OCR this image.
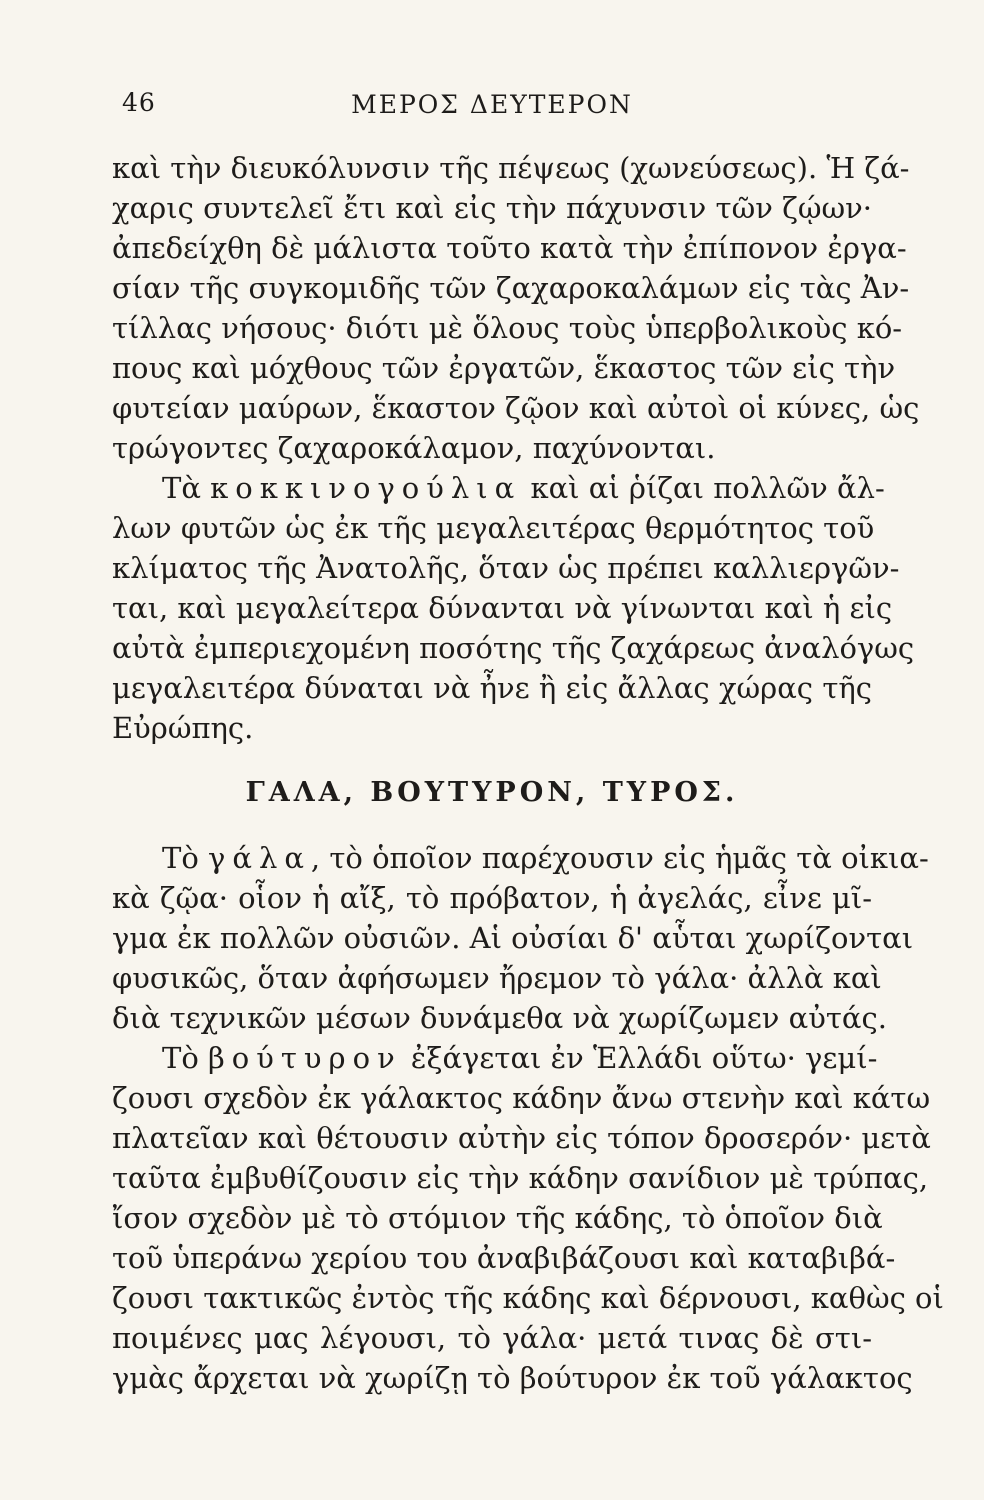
46	ΜΕΡΟΣ ΔΕΥΤΕΡΟΝ
καὶ τὴν διευκόλυνσιν τῆς πέψεως (χωνεύσεως). Ἡ ζά-
χαρις συντελεῖ ἔτι καὶ εἰς τὴν πάχυνσιν τῶν ζῴων·
ἀπεδείχθη δὲ μάλιστα τοῦτο κατὰ τὴν ἐπίπονον ἐργα-
σίαν τῆς συγκομιδῆς τῶν ζαχαροκαλάμων εἰς τὰς Ἀν-
τίλλας νήσους· διότι μὲ ὅλους τοὺς ὑπερβολικοὺς κό-
πους καὶ μόχθους τῶν ἐργατῶν, ἕκαστος τῶν εἰς τὴν
φυτείαν μαύρων, ἕκαστον ζῷον καὶ αὐτοὶ οἱ κύνες, ὡς
τρώγοντες ζαχαροκάλαμον, παχύνονται.
Τὰ κοκκινογούλια καὶ αἱ ῥίζαι πολλῶν ἄλ-
λων φυτῶν ὡς ἐκ τῆς μεγαλειτέρας θερμότητος τοῦ
κλίματος τῆς Ἀνατολῆς, ὅταν ὡς πρέπει καλλιεργῶν-
ται, καὶ μεγαλείτερα δύνανται νὰ γίνωνται καὶ ἡ εἰς
αὐτὰ ἐμπεριεχομένη ποσότης τῆς ζαχάρεως ἀναλόγως
μεγαλειτέρα δύναται νὰ ἦνε ἢ εἰς ἄλλας χώρας τῆς
Εὐρώπης.
ΓΑΛΑ, ΒΟΥΤΥΡΟΝ, ΤΥΡΟΣ.
Τὸ γάλα, τὸ ὁποῖον παρέχουσιν εἰς ἡμᾶς τὰ οἰκια-
κὰ ζῷα· οἷον ἡ αἴξ, τὸ πρόβατον, ἡ ἀγελάς, εἶνε μῖ-
γμα ἐκ πολλῶν οὐσιῶν. Αἱ οὐσίαι δ' αὗται χωρίζονται
φυσικῶς, ὅταν ἀφήσωμεν ἤρεμον τὸ γάλα· ἀλλὰ καὶ
διὰ τεχνικῶν μέσων δυνάμεθα νὰ χωρίζωμεν αὐτάς.
Τὸ βούτυρον ἐξάγεται ἐν Ἑλλάδι οὕτω· γεμί-
ζουσι σχεδὸν ἐκ γάλακτος κάδην ἄνω στενὴν καὶ κάτω
πλατεῖαν καὶ θέτουσιν αὐτὴν εἰς τόπον δροσερόν· μετὰ
ταῦτα ἐμβυθίζουσιν εἰς τὴν κάδην σανίδιον μὲ τρύπας,
ἴσον σχεδὸν μὲ τὸ στόμιον τῆς κάδης, τὸ ὁποῖον διὰ
τοῦ ὑπεράνω χερίου του ἀναβιβάζουσι καὶ καταβιβά-
ζουσι τακτικῶς ἐντὸς τῆς κάδης καὶ δέρνουσι, καθὼς οἱ
ποιμένες μας λέγουσι, τὸ γάλα· μετά τινας δὲ στι-
γμὰς ἄρχεται νὰ χωρίζῃ τὸ βούτυρον ἐκ τοῦ γάλακτος
